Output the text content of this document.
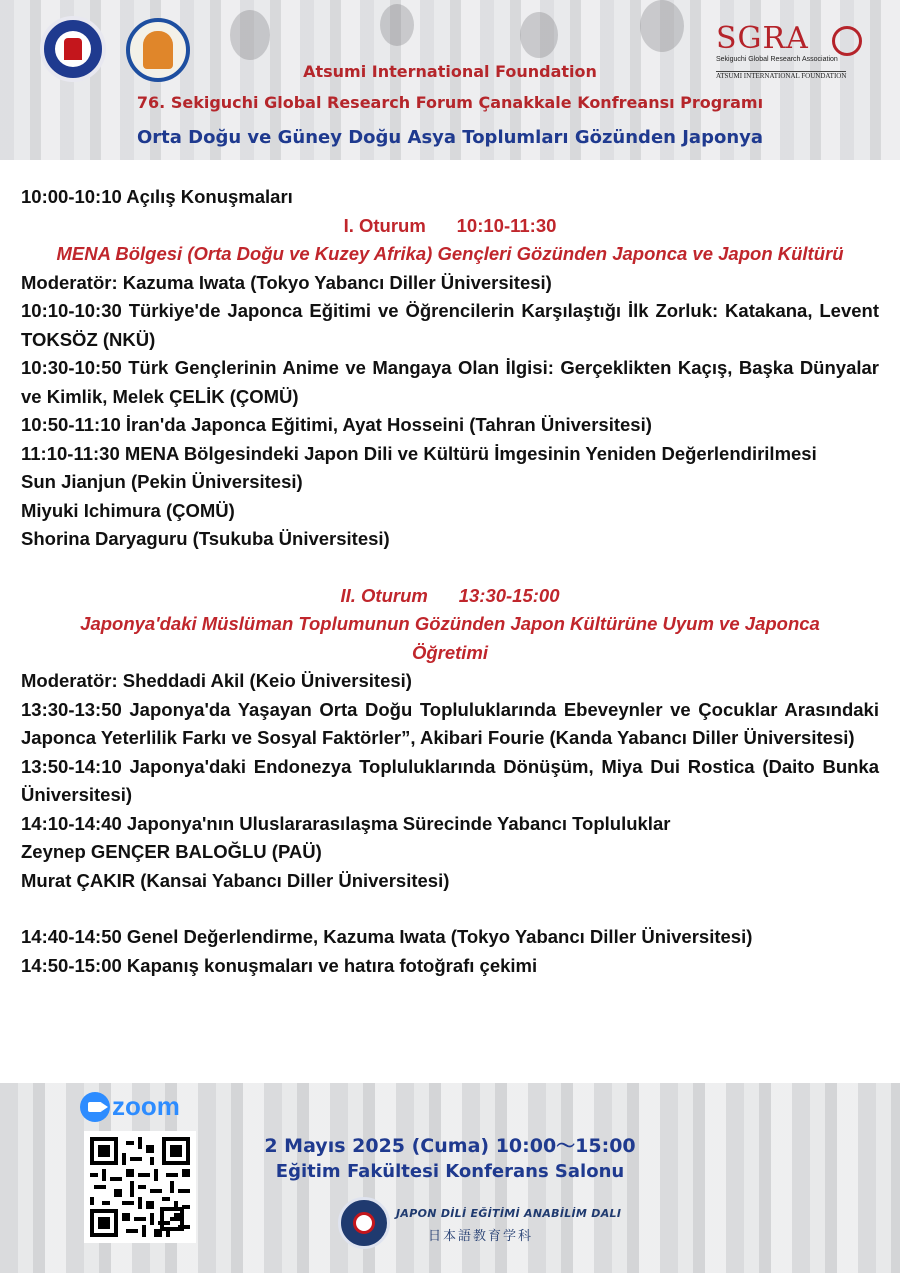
SGRA
Sekiguchi Global Research Association
ATSUMI INTERNATIONAL FOUNDATION
Atsumi International Foundation
76. Sekiguchi Global Research Forum Çanakkale Konfreansı Programı
Orta Doğu ve Güney Doğu Asya Toplumları Gözünden Japonya
10:00-10:10 Açılış Konuşmaları
I. Oturum 10:10-11:30
MENA Bölgesi (Orta Doğu ve Kuzey Afrika) Gençleri Gözünden Japonca ve Japon Kültürü
Moderatör: Kazuma Iwata (Tokyo Yabancı Diller Üniversitesi)
10:10-10:30 Türkiye'de Japonca Eğitimi ve Öğrencilerin Karşılaştığı İlk Zorluk: Katakana, Levent TOKSÖZ (NKÜ)
10:30-10:50 Türk Gençlerinin Anime ve Mangaya Olan İlgisi: Gerçeklikten Kaçış, Başka Dünyalar ve Kimlik, Melek ÇELİK (ÇOMÜ)
10:50-11:10 İran'da Japonca Eğitimi, Ayat Hosseini (Tahran Üniversitesi)
11:10-11:30 MENA Bölgesindeki Japon Dili ve Kültürü İmgesinin Yeniden Değerlendirilmesi
Sun Jianjun (Pekin Üniversitesi)
Miyuki Ichimura (ÇOMÜ)
Shorina Daryaguru (Tsukuba Üniversitesi)
II. Oturum 13:30-15:00
Japonya'daki Müslüman Toplumunun Gözünden Japon Kültürüne Uyum ve Japonca Öğretimi
Moderatör: Sheddadi Akil (Keio Üniversitesi)
13:30-13:50 Japonya'da Yaşayan Orta Doğu Topluluklarında Ebeveynler ve Çocuklar Arasındaki Japonca Yeterlilik Farkı ve Sosyal Faktörler”, Akibari Fourie (Kanda Yabancı Diller Üniversitesi)
13:50-14:10 Japonya'daki Endonezya Topluluklarında Dönüşüm, Miya Dui Rostica (Daito Bunka Üniversitesi)
14:10-14:40 Japonya'nın Uluslararasılaşma Sürecinde Yabancı Topluluklar
Zeynep GENÇER BALOĞLU (PAÜ)
Murat ÇAKIR (Kansai Yabancı Diller Üniversitesi)
14:40-14:50 Genel Değerlendirme, Kazuma Iwata (Tokyo Yabancı Diller Üniversitesi)
14:50-15:00 Kapanış konuşmaları ve hatıra fotoğrafı çekimi
zoom
2 Mayıs 2025 (Cuma) 10:00〜15:00
Eğitim Fakültesi Konferans Salonu
JAPON DİLİ EĞİTİMİ ANABİLİM DALI
日本語教育学科
